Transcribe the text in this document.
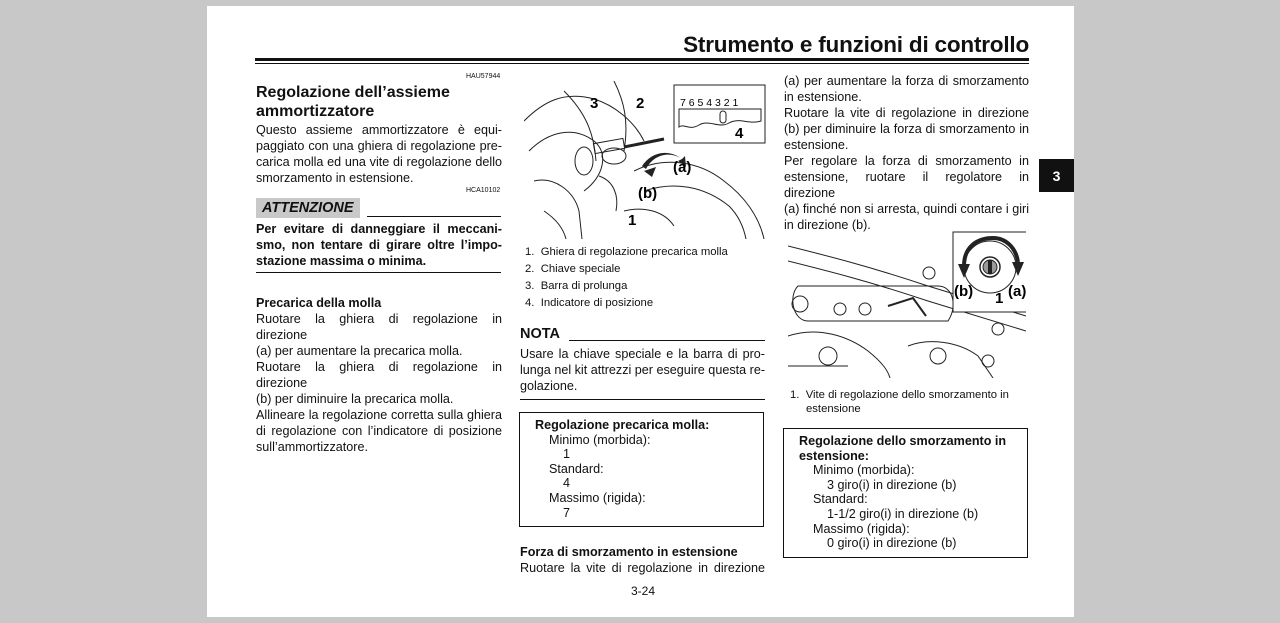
Strumento e funzioni di controllo
HAU57944
Regolazione dell’assieme
ammortizzatore
Questo assieme ammortizzatore è equi-
paggiato con una ghiera di regolazione pre-
carica molla ed una vite di regolazione dello
smorzamento in estensione.
HCA10102
ATTENZIONE
Per evitare di danneggiare il meccani-
smo, non tentare di girare oltre l’impo-
stazione massima o minima.
Precarica della molla
Ruotare la ghiera di regolazione in direzione
(a) per aumentare la precarica molla.
Ruotare la ghiera di regolazione in direzione
(b) per diminuire la precarica molla.
Allineare la regolazione corretta sulla ghiera
di regolazione con l’indicatore di posizione
sull’ammortizzatore.
7 6 5 4 3 2 1
4
3	2
1
(a)
(b)
1. Ghiera di regolazione precarica molla
2. Chiave speciale
3. Barra di prolunga
4. Indicatore di posizione
NOTA
Usare la chiave speciale e la barra di pro-
lunga nel kit attrezzi per eseguire questa re-
golazione.
Regolazione precarica molla:
Minimo (morbida):
1
Standard:
4
Massimo (rigida):
7
Forza di smorzamento in estensione
Ruotare la vite di regolazione in direzione
(a) per aumentare la forza di smorzamento
in estensione.
Ruotare la vite di regolazione in direzione
(b) per diminuire la forza di smorzamento in
estensione.
Per regolare la forza di smorzamento in
estensione, ruotare il regolatore in direzione
(a) finché non si arresta, quindi contare i giri
in direzione (b).
(b) 1 (a)
1. Vite di regolazione dello smorzamento in
estensione
Regolazione dello smorzamento in
estensione:
Minimo (morbida):
3 giro(i) in direzione (b)
Standard:
1-1/2 giro(i) in direzione (b)
Massimo (rigida):
0 giro(i) in direzione (b)
3-24
3
